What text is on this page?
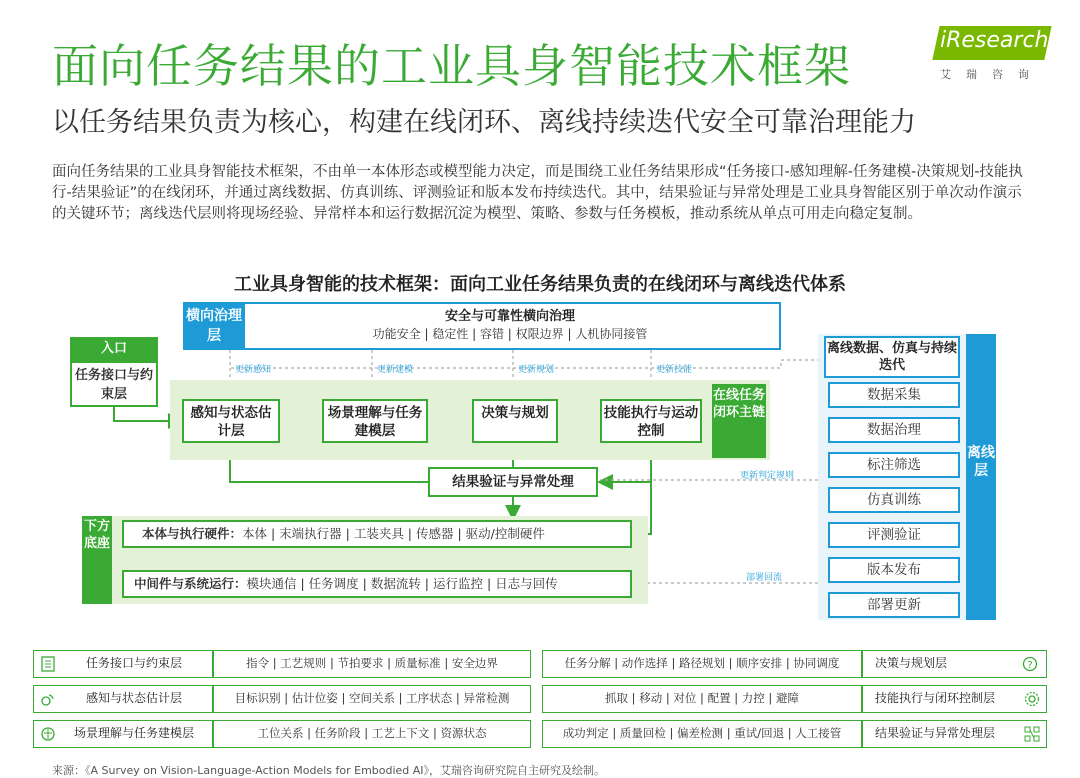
面向任务结果的工业具身智能技术框架
以任务结果负责为核心，构建在线闭环、离线持续迭代安全可靠治理能力
iResearch
艾瑞咨询
面向任务结果的工业具身智能技术框架，不由单一本体形态或模型能力决定，而是围绕工业任务结果形成“任务接口-感知理解-任务建模-决策规划-技能执行-结果验证”的在线闭环，并通过离线数据、仿真训练、评测验证和版本发布持续迭代。其中，结果验证与异常处理是工业具身智能区别于单次动作演示的关键环节；离线迭代层则将现场经验、异常样本和运行数据沉淀为模型、策略、参数与任务模板，推动系统从单点可用走向稳定复制。
工业具身智能的技术框架：面向工业任务结果负责的在线闭环与离线迭代体系
横向治理层
安全与可靠性横向治理
功能安全 | 稳定性 | 容错 | 权限边界 | 人机协同接管
入口
任务接口与约束层
感知与状态估计层
场景理解与任务建模层
决策与规划	技能执行与运动控制
在线任务闭环主链
更新感知	更新建模	更新规划	更新技能
结果验证与异常处理	更新判定规则
下方底座
本体与执行硬件：本体 | 末端执行器 | 工装夹具 | 传感器 | 驱动/控制硬件
中间件与系统运行：模块通信 | 任务调度 | 数据流转 | 运行监控 | 日志与回传	部署回流
离线层
离线数据、仿真与持续迭代
数据采集
数据治理
标注筛选
仿真训练
评测验证
版本发布
部署更新
任务接口与约束层	指令 | 工艺规则 | 节拍要求 | 质量标准 | 安全边界	任务分解 | 动作选择 | 路径规划 | 顺序安排 | 协同调度	决策与规划层	?
感知与状态估计层	目标识别 | 估计位姿 | 空间关系 | 工序状态 | 异常检测	抓取 | 移动 | 对位 | 配置 | 力控 | 避障	技能执行与闭环控制层
场景理解与任务建模层	工位关系 | 任务阶段 | 工艺上下文 | 资源状态	成功判定 | 质量回检 | 偏差检测 | 重试/回退 | 人工接管	结果验证与异常处理层
来源：《A Survey on Vision-Language-Action Models for Embodied AI》，艾瑞咨询研究院自主研究及绘制。
